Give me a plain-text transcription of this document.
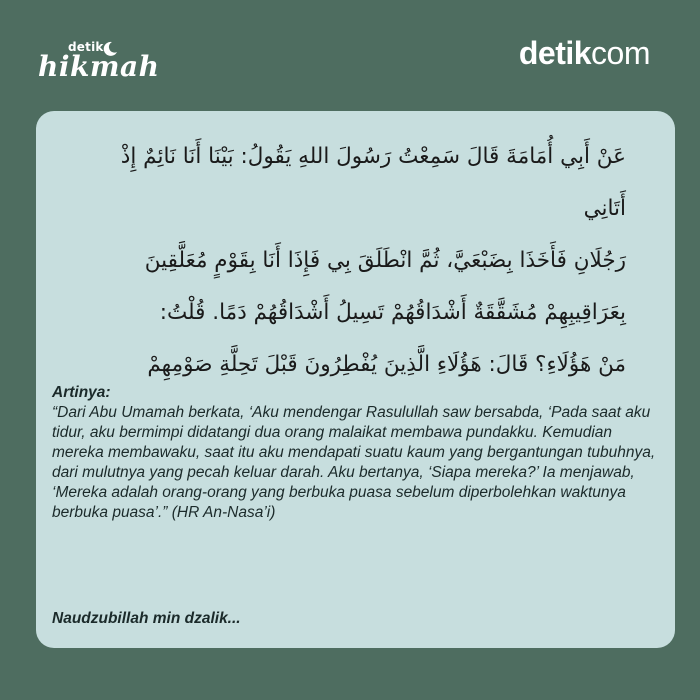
detik
hikmah	detikcom
عَنْ أَبِي أُمَامَةَ قَالَ سَمِعْتُ رَسُولَ اللهِ يَقُولُ: بَيْنَا أَنَا نَائِمٌ إِذْ أَتَانِي
رَجُلَانِ فَأَخَذَا بِضَبْعَيَّ، ثُمَّ انْطَلَقَ بِي فَإِذَا أَنَا بِقَوْمٍ مُعَلَّقِينَ
بِعَرَاقِيبِهِمْ مُشَقَّقَةٌ أَشْدَاقُهُمْ تَسِيلُ أَشْدَاقُهُمْ دَمًا. قُلْتُ:
مَنْ هَؤُلَاءِ؟ قَالَ: هَؤُلَاءِ الَّذِينَ يُفْطِرُونَ قَبْلَ تَحِلَّةِ صَوْمِهِمْ
Artinya:
“Dari Abu Umamah berkata, ‘Aku mendengar Rasulullah saw bersabda, ‘Pada saat aku tidur, aku bermimpi didatangi dua orang malaikat membawa pundakku. Kemudian mereka membawaku, saat itu aku mendapati suatu kaum yang bergantungan tubuhnya, dari mulutnya yang pecah keluar darah. Aku bertanya, ‘Siapa mereka?’ Ia menjawab, ‘Mereka adalah orang-orang yang berbuka puasa sebelum diperbolehkan waktunya berbuka puasa’.” (HR An-Nasa’i)
Naudzubillah min dzalik...
